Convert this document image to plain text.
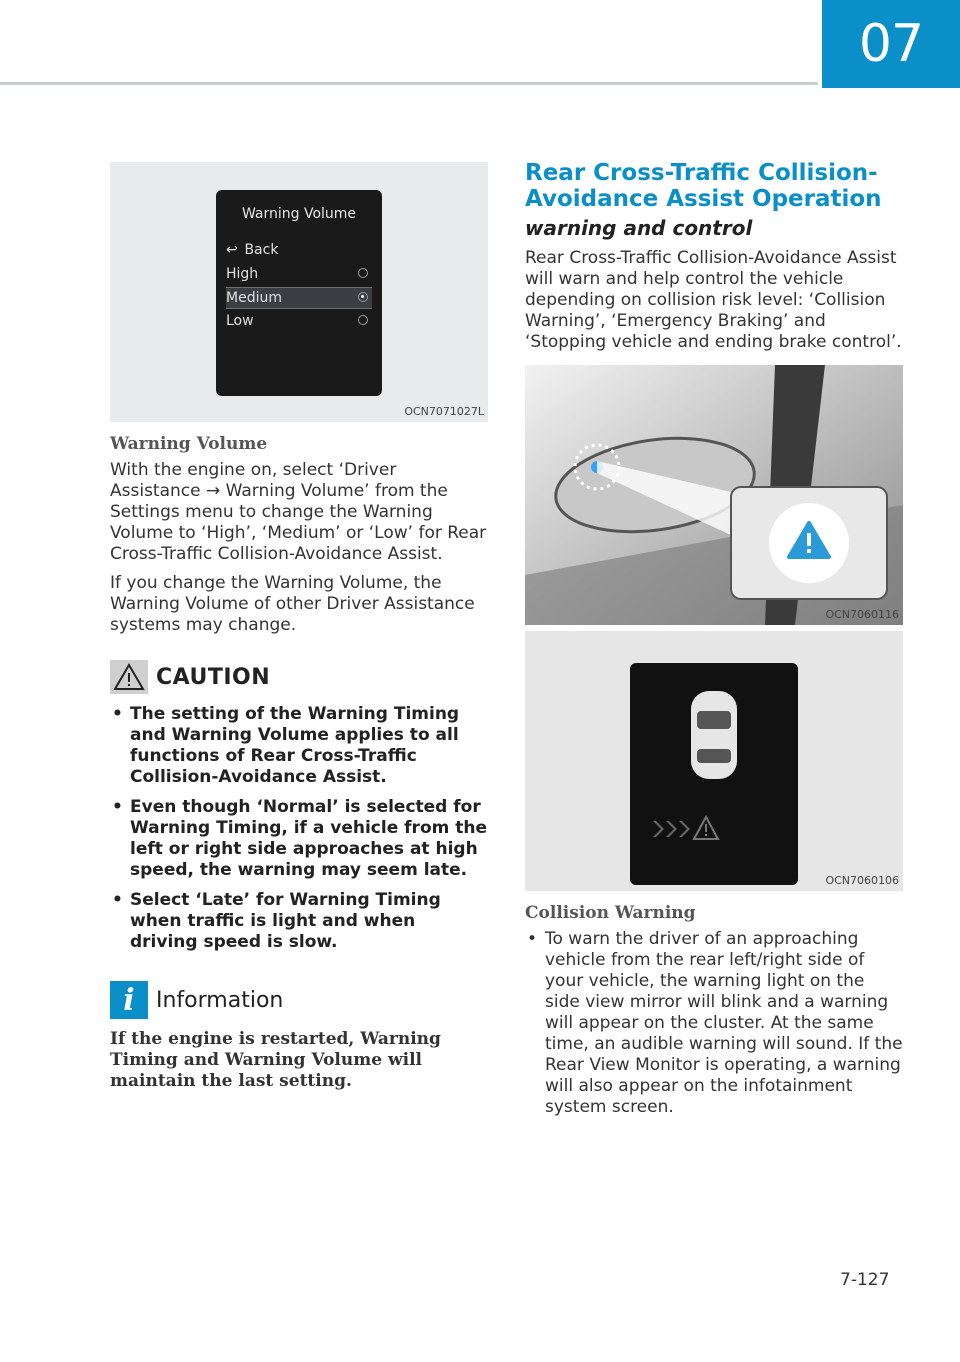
07
Warning Volume
↩ Back
High
Medium
Low
OCN7071027L
Warning Volume

With the engine on, select ‘Driver Assistance → Warning Volume’ from the Settings menu to change the Warning Volume to ‘High’, ‘Medium’ or ‘Low’ for Rear Cross-Traffic Collision-Avoidance Assist.

If you change the Warning Volume, the Warning Volume of other Driver Assistance systems may change.

CAUTION
• The setting of the Warning Timing and Warning Volume applies to all functions of Rear Cross-Traffic Collision-Avoidance Assist.
• Even though ‘Normal’ is selected for Warning Timing, if a vehicle from the left or right side approaches at high speed, the warning may seem late.
• Select ‘Late’ for Warning Timing when traffic is light and when driving speed is slow.
i Information
If the engine is restarted, Warning Timing and Warning Volume will maintain the last setting.
Rear Cross-Traffic Collision-
Avoidance Assist Operation
warning and control

Rear Cross-Traffic Collision-Avoidance Assist will warn and help control the vehicle depending on collision risk level: ‘Collision Warning’, ‘Emergency Braking’ and ‘Stopping vehicle and ending brake control’.

OCN7060116
OCN7060106
Collision Warning
• To warn the driver of an approaching vehicle from the rear left/right side of your vehicle, the warning light on the side view mirror will blink and a warning will appear on the cluster. At the same time, an audible warning will sound. If the Rear View Monitor is operating, a warning will also appear on the infotainment system screen.
7-127
